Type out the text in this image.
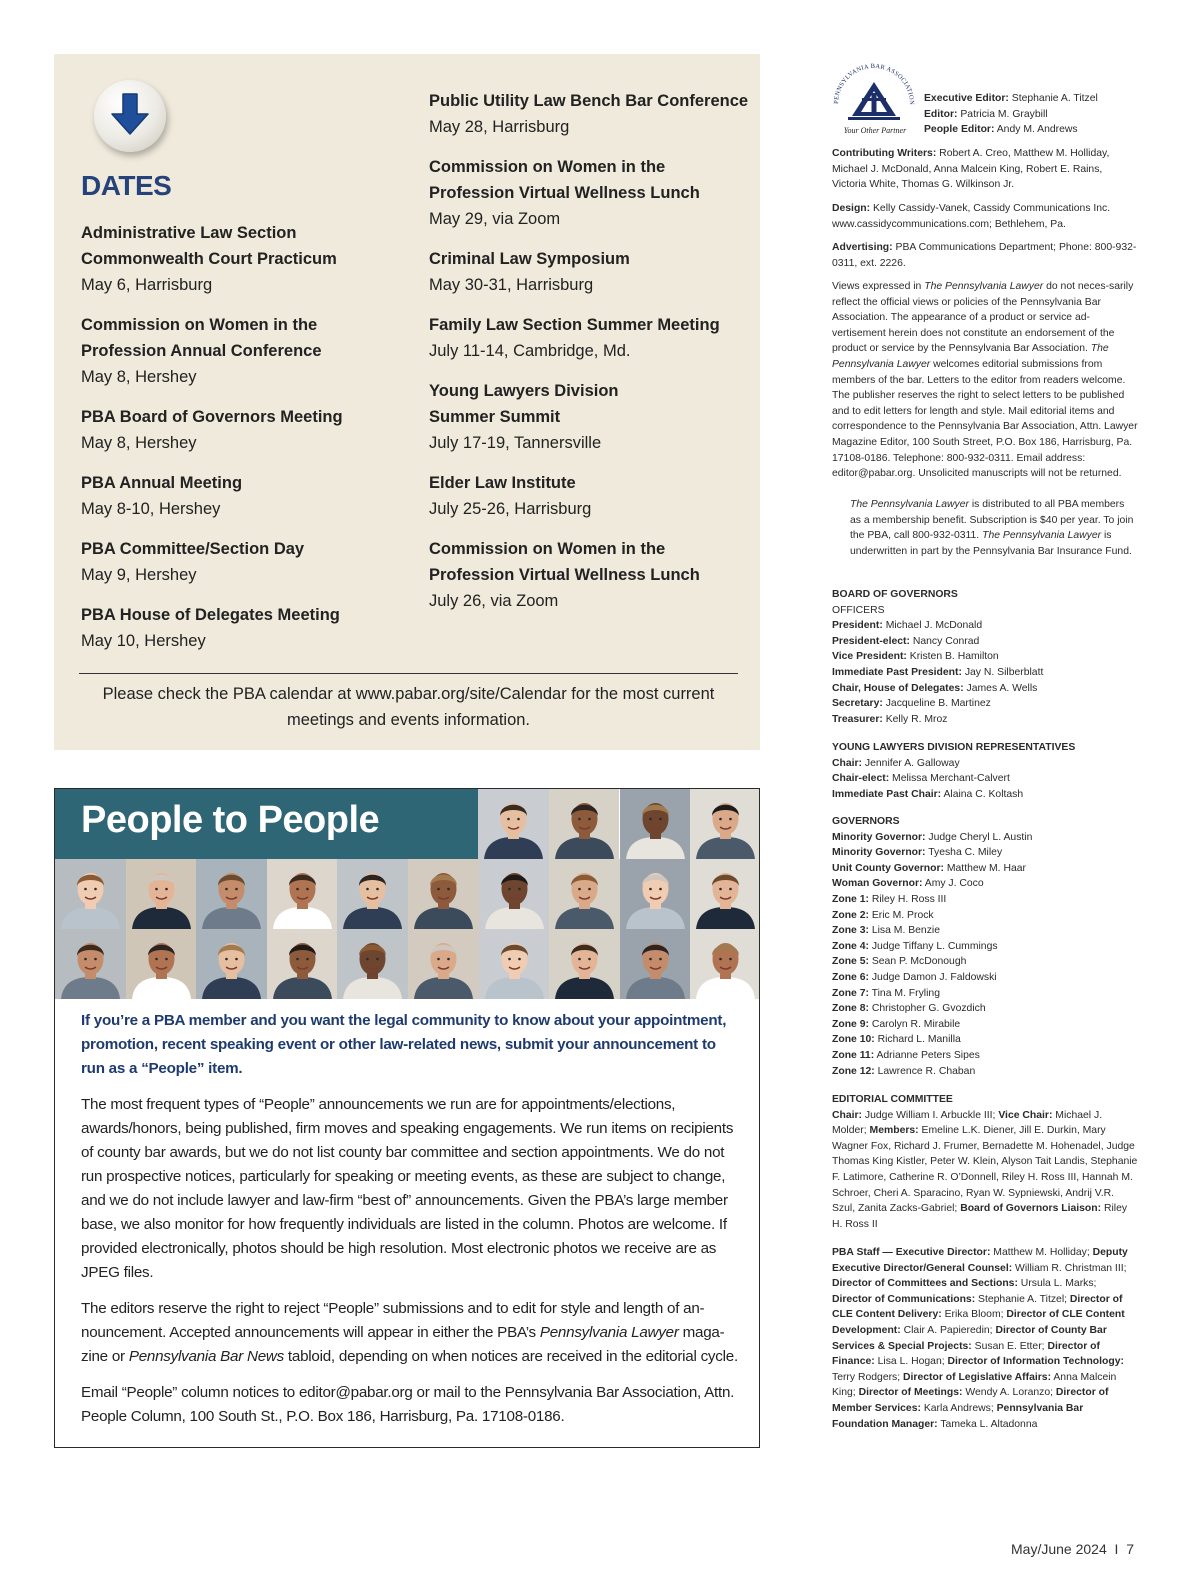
DATES
Administrative Law Section
Commonwealth Court Practicum
May 6, Harrisburg
Commission on Women in the
Profession Annual Conference
May 8, Hershey
PBA Board of Governors Meeting
May 8, Hershey
PBA Annual Meeting
May 8-10, Hershey
PBA Committee/Section Day
May 9, Hershey
PBA House of Delegates Meeting
May 10, Hershey
Public Utility Law Bench Bar Conference
May 28, Harrisburg
Commission on Women in the
Profession Virtual Wellness Lunch
May 29, via Zoom
Criminal Law Symposium
May 30-31, Harrisburg
Family Law Section Summer Meeting
July 11-14, Cambridge, Md.
Young Lawyers Division
Summer Summit
July 17-19, Tannersville
Elder Law Institute
July 25-26, Harrisburg
Commission on Women in the
Profession Virtual Wellness Lunch
July 26, via Zoom

Please check the PBA calendar at www.pabar.org/site/Calendar for the most current
meetings and events information.

People to People

If you’re a PBA member and you want the legal community to know about your appointment, promotion, recent speaking event or other law-related news, submit your announcement to run as a “People” item.

The most frequent types of “People” announcements we run are for appointments/elections, awards/honors, being published, firm moves and speaking engagements. We run items on recipients of county bar awards, but we do not list county bar committee and section appointments. We do not run prospective notices, particularly for speaking or meeting events, as these are subject to change, and we do not include lawyer and law-firm “best of” announcements. Given the PBA’s large member base, we also monitor for how frequently individuals are listed in the column. Photos are welcome. If provided electronically, photos should be high resolution. Most electronic photos we receive are as JPEG files.

The editors reserve the right to reject “People” submissions and to edit for style and length of an-nouncement. Accepted announcements will appear in either the PBA’s Pennsylvania Lawyer maga-zine or Pennsylvania Bar News tabloid, depending on when notices are received in the editorial cycle.

Email “People” column notices to editor@pabar.org or mail to the Pennsylvania Bar Association, Attn. People Column, 100 South St., P.O. Box 186, Harrisburg, Pa. 17108-0186.

PENNSYLVANIA BAR ASSOCIATION
Your Other Partner
Executive Editor: Stephanie A. Titzel
Editor: Patricia M. Graybill
People Editor: Andy M. Andrews

Contributing Writers: Robert A. Creo, Matthew M. Holliday, Michael J. McDonald, Anna Malcein King, Robert E. Rains, Victoria White, Thomas G. Wilkinson Jr.

Design: Kelly Cassidy-Vanek, Cassidy Communications Inc. www.cassidycommunications.com; Bethlehem, Pa.

Advertising: PBA Communications Department; Phone: 800-932-0311, ext. 2226.

Views expressed in The Pennsylvania Lawyer do not neces-sarily reflect the official views or policies of the Pennsylvania Bar Association. The appearance of a product or service ad-vertisement herein does not constitute an endorsement of the product or service by the Pennsylvania Bar Association. The Pennsylvania Lawyer welcomes editorial submissions from members of the bar. Letters to the editor from readers welcome. The publisher reserves the right to select letters to be published and to edit letters for length and style. Mail editorial items and correspondence to the Pennsylvania Bar Association, Attn. Lawyer Magazine Editor, 100 South Street, P.O. Box 186, Harrisburg, Pa. 17108-0186. Telephone: 800-932-0311. Email address: editor@pabar.org. Unsolicited manuscripts will not be returned.

The Pennsylvania Lawyer is distributed to all PBA members as a membership benefit. Subscription is $40 per year. To join the PBA, call 800-932-0311. The Pennsylvania Lawyer is underwritten in part by the Pennsylvania Bar Insurance Fund.

BOARD OF GOVERNORS
OFFICERS
President: Michael J. McDonald
President-elect: Nancy Conrad
Vice President: Kristen B. Hamilton
Immediate Past President: Jay N. Silberblatt
Chair, House of Delegates: James A. Wells
Secretary: Jacqueline B. Martinez
Treasurer: Kelly R. Mroz
YOUNG LAWYERS DIVISION REPRESENTATIVES
Chair: Jennifer A. Galloway
Chair-elect: Melissa Merchant-Calvert
Immediate Past Chair: Alaina C. Koltash
GOVERNORS
Minority Governor: Judge Cheryl L. Austin
Minority Governor: Tyesha C. Miley
Unit County Governor: Matthew M. Haar
Woman Governor: Amy J. Coco
Zone 1: Riley H. Ross III
Zone 2: Eric M. Prock
Zone 3: Lisa M. Benzie
Zone 4: Judge Tiffany L. Cummings
Zone 5: Sean P. McDonough
Zone 6: Judge Damon J. Faldowski
Zone 7: Tina M. Fryling
Zone 8: Christopher G. Gvozdich
Zone 9: Carolyn R. Mirabile
Zone 10: Richard L. Manilla
Zone 11: Adrianne Peters Sipes
Zone 12: Lawrence R. Chaban
EDITORIAL COMMITTEE
Chair: Judge William I. Arbuckle III; Vice Chair: Michael J. Molder; Members: Emeline L.K. Diener, Jill E. Durkin, Mary Wagner Fox, Richard J. Frumer, Bernadette M. Hohenadel, Judge Thomas King Kistler, Peter W. Klein, Alyson Tait Landis, Stephanie F. Latimore, Catherine R. O’Donnell, Riley H. Ross III, Hannah M. Schroer, Cheri A. Sparacino, Ryan W. Sypniewski, Andrij V.R. Szul, Zanita Zacks-Gabriel; Board of Governors Liaison: Riley H. Ross II

PBA Staff — Executive Director: Matthew M. Holliday; Deputy Executive Director/General Counsel: William R. Christman III; Director of Committees and Sections: Ursula L. Marks; Director of Communications: Stephanie A. Titzel; Director of CLE Content Delivery: Erika Bloom; Director of CLE Content Development: Clair A. Papieredin; Director of County Bar Services & Special Projects: Susan E. Etter; Director of Finance: Lisa L. Hogan; Director of Information Technology: Terry Rodgers; Director of Legislative Affairs: Anna Malcein King; Director of Meetings: Wendy A. Loranzo; Director of Member Services: Karla Andrews; Pennsylvania Bar Foundation Manager: Tameka L. Altadonna

May/June 2024 I 7
